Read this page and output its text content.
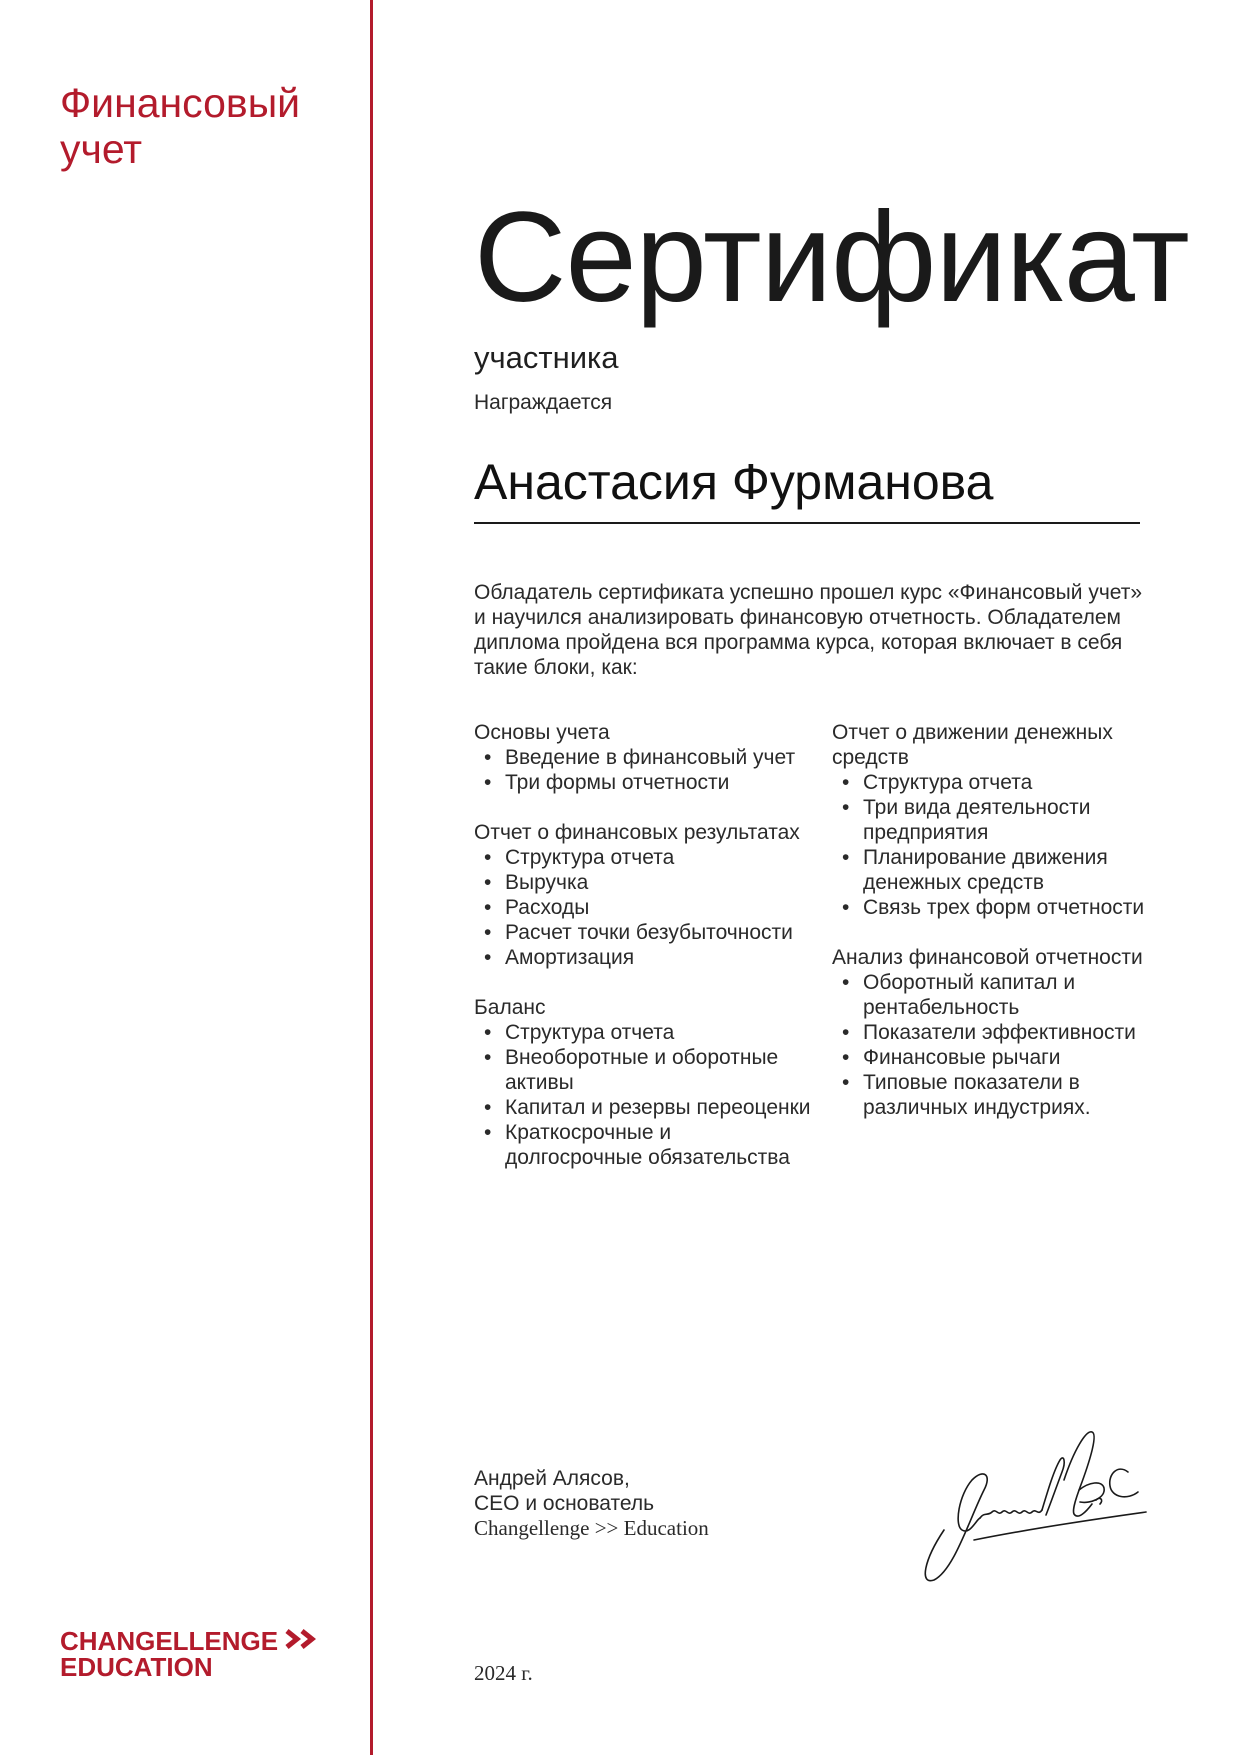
Финансовый учет
CHANGELLENGE
EDUCATION
Сертификат
участника
Награждается
Анастасия Фурманова
Обладатель сертификата успешно прошел курс «Финансовый учет» и научился анализировать финансовую отчетность. Обладателем диплома пройдена вся программа курса, которая включает в себя такие блоки, как:
Основы учета
• Введение в финансовый учет
• Три формы отчетности
Отчет о финансовых результатах
• Структура отчета
• Выручка
• Расходы
• Расчет точки безубыточности
• Амортизация
Баланс
• Структура отчета
• Внеоборотные и оборотные активы
• Капитал и резервы переоценки
• Краткосрочные и долгосрочные обязательства
Отчет о движении денежных средств
• Структура отчета
• Три вида деятельности предприятия
• Планирование движения денежных средств
• Связь трех форм отчетности
Анализ финансовой отчетности
• Оборотный капитал и рентабельность
• Показатели эффективности
• Финансовые рычаги
• Типовые показатели в различных индустриях.
Андрей Алясов,
CEO и основатель
Changellenge >> Education
2024 г.
